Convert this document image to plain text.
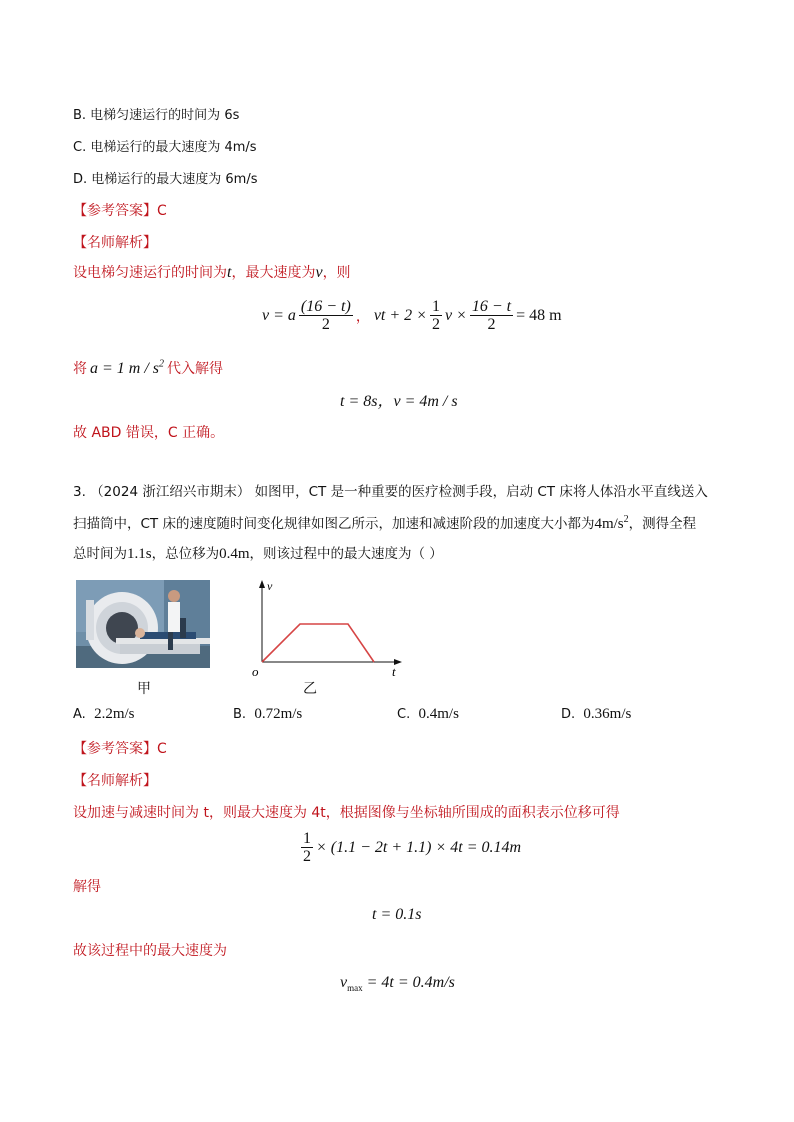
B. 电梯匀速运行的时间为 6s
C. 电梯运行的最大速度为 4m/s
D. 电梯运行的最大速度为 6m/s
【参考答案】C
【名师解析】
设电梯匀速运行的时间为t，最大速度为v，则
v = a $\frac{(16 - t)}{2}$ ， vt + $2 \times \frac{1}{2}$ $v \times \frac{16 - t}{2} = 48$ m
将 a = 1 m / $s^2$ 代入解得
t = 8s，v = 4m / s
故 ABD 错误，C 正确。
3. （2024 浙江绍兴市期末） 如图甲，CT 是一种重要的医疗检测手段，启动 CT 床将人体沿水平直线送入
扫描筒中，CT 床的速度随时间变化规律如图乙所示，加速和减速阶段的加速度大小都为$4m/s^2$，测得全程
总时间为1.1s，总位移为0.4m，则该过程中的最大速度为（ ）
甲
v
t
o
乙
A. 2.2m/s	B. 0.72m/s	C. 0.4m/s	D. 0.36m/s
【参考答案】C
【名师解析】
设加速与减速时间为 t，则最大速度为 4t，根据图像与坐标轴所围成的面积表示位移可得
$\frac{1}{2} \times (1.1 - 2t + 1.1) \times 4t = 0.14m$
解得
t = 0.1s
故该过程中的最大速度为
$v_{max} = 4t = 0.4m/s$
